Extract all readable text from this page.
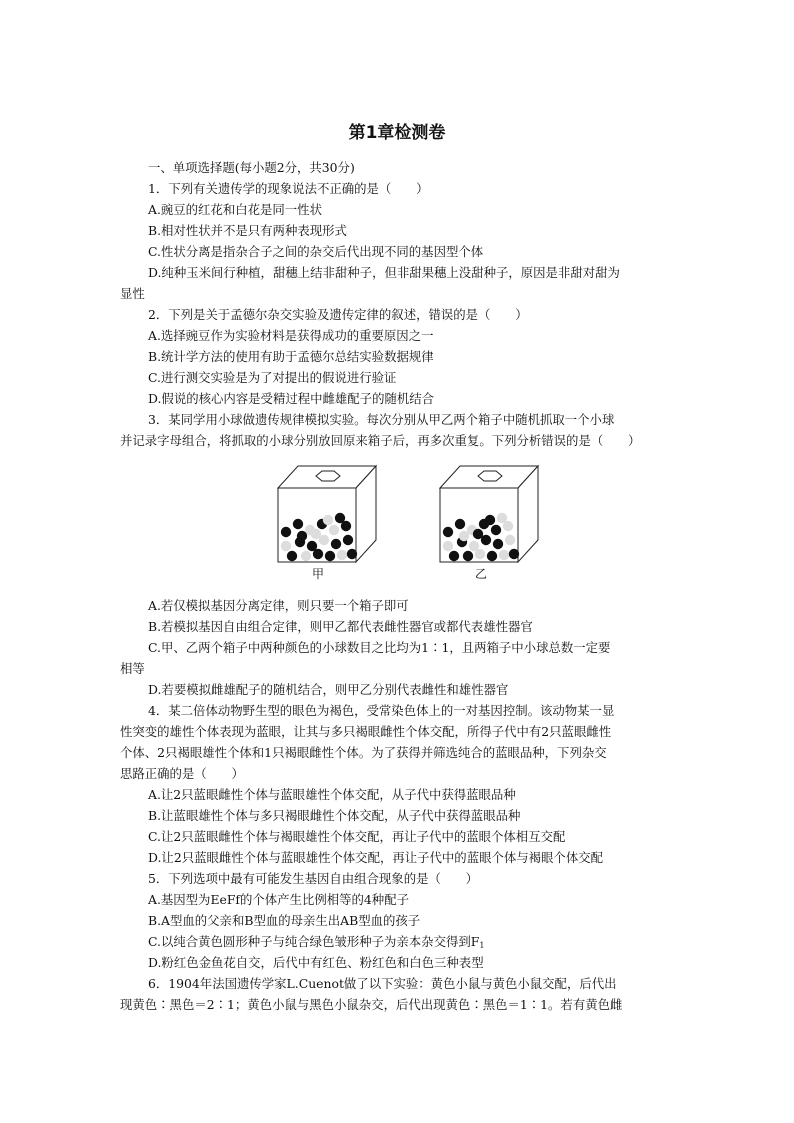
第1章检测卷
一、单项选择题(每小题2分，共30分)
1．下列有关遗传学的现象说法不正确的是（　　）
A.豌豆的红花和白花是同一性状
B.相对性状并不是只有两种表现形式
C.性状分离是指杂合子之间的杂交后代出现不同的基因型个体
D.纯种玉米间行种植，甜穗上结非甜种子，但非甜果穗上没甜种子，原因是非甜对甜为
显性
2．下列是关于孟德尔杂交实验及遗传定律的叙述，错误的是（　　）
A.选择豌豆作为实验材料是获得成功的重要原因之一
B.统计学方法的使用有助于孟德尔总结实验数据规律
C.进行测交实验是为了对提出的假说进行验证
D.假说的核心内容是受精过程中雌雄配子的随机结合
3．某同学用小球做遗传规律模拟实验。每次分别从甲乙两个箱子中随机抓取一个小球
并记录字母组合，将抓取的小球分别放回原来箱子后，再多次重复。下列分析错误的是（　　）
甲	乙
A.若仅模拟基因分离定律，则只要一个箱子即可
B.若模拟基因自由组合定律，则甲乙都代表雌性器官或都代表雄性器官
C.甲、乙两个箱子中两种颜色的小球数目之比均为1∶1，且两箱子中小球总数一定要
相等
D.若要模拟雌雄配子的随机结合，则甲乙分别代表雌性和雄性器官
4．某二倍体动物野生型的眼色为褐色，受常染色体上的一对基因控制。该动物某一显
性突变的雄性个体表现为蓝眼，让其与多只褐眼雌性个体交配，所得子代中有2只蓝眼雌性
个体、2只褐眼雄性个体和1只褐眼雌性个体。为了获得并筛选纯合的蓝眼品种，下列杂交
思路正确的是（　　）
A.让2只蓝眼雌性个体与蓝眼雄性个体交配，从子代中获得蓝眼品种
B.让蓝眼雄性个体与多只褐眼雌性个体交配，从子代中获得蓝眼品种
C.让2只蓝眼雌性个体与褐眼雄性个体交配，再让子代中的蓝眼个体相互交配
D.让2只蓝眼雌性个体与蓝眼雄性个体交配，再让子代中的蓝眼个体与褐眼个体交配
5．下列选项中最有可能发生基因自由组合现象的是（　　）
A.基因型为EeFf的个体产生比例相等的4种配子
B.A型血的父亲和B型血的母亲生出AB型血的孩子
C.以纯合黄色圆形种子与纯合绿色皱形种子为亲本杂交得到$F_1$
D.粉红色金鱼花自交，后代中有红色、粉红色和白色三种表型
6．1904年法国遗传学家L.Cuenot做了以下实验：黄色小鼠与黄色小鼠交配，后代出
现黄色∶黑色＝2∶1；黄色小鼠与黑色小鼠杂交，后代出现黄色∶黑色＝1∶1。若有黄色雌
